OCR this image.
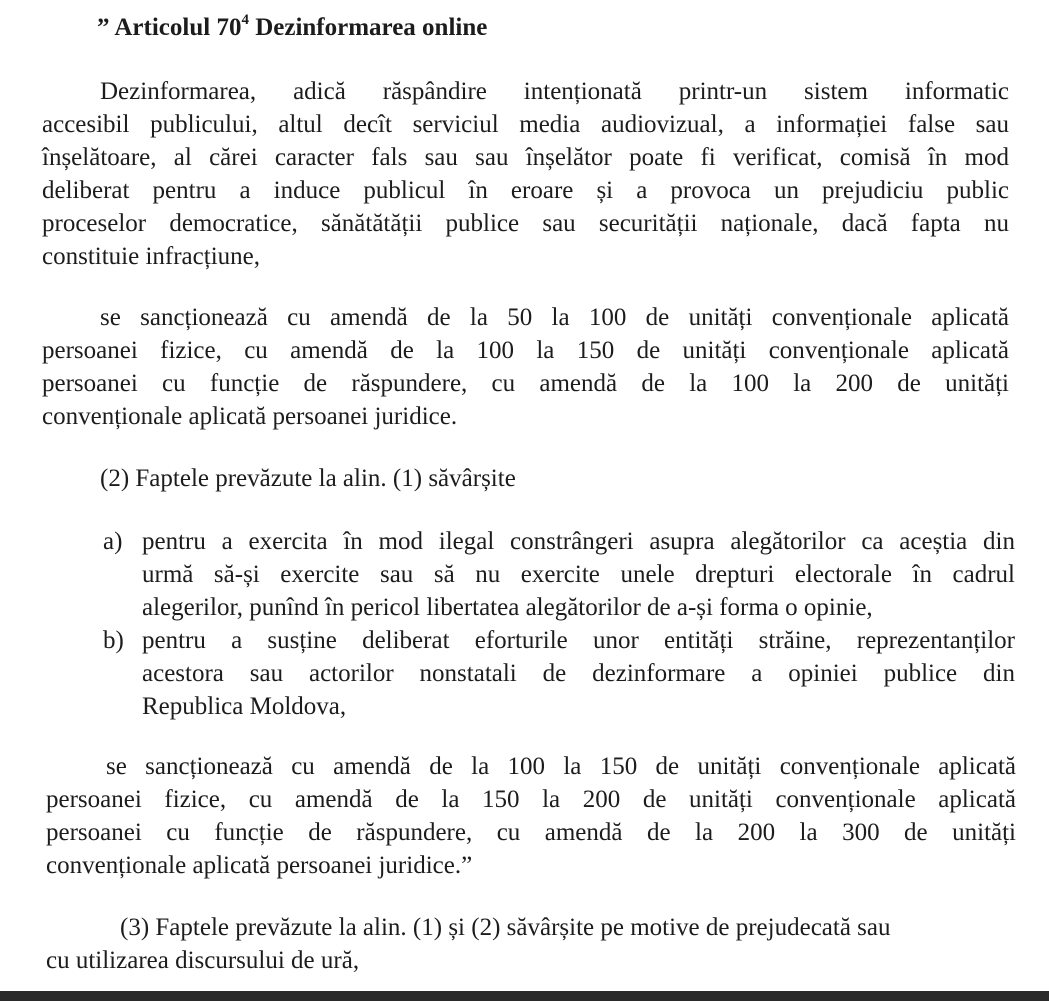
” Articolul $70^4$ Dezinformarea online
Dezinformarea, adică răspândire intenționată printr-un sistem informatic
accesibil publicului, altul decît serviciul media audiovizual, a informației false sau
înșelătoare, al cărei caracter fals sau sau înșelător poate fi verificat, comisă în mod
deliberat pentru a induce publicul în eroare și a provoca un prejudiciu public
proceselor democratice, sănătătății publice sau securității naționale, dacă fapta nu
constituie infracțiune,
se sancționează cu amendă de la 50 la 100 de unități convenționale aplicată
persoanei fizice, cu amendă de la 100 la 150 de unități convenționale aplicată
persoanei cu funcție de răspundere, cu amendă de la 100 la 200 de unități
convenționale aplicată persoanei juridice.
(2) Faptele prevăzute la alin. (1) săvârșite
a) pentru a exercita în mod ilegal constrângeri asupra alegătorilor ca aceștia din
urmă să-și exercite sau să nu exercite unele drepturi electorale în cadrul
alegerilor, punînd în pericol libertatea alegătorilor de a-și forma o opinie,
b) pentru a susține deliberat eforturile unor entități străine, reprezentanților
acestora sau actorilor nonstatali de dezinformare a opiniei publice din
Republica Moldova,
se sancționează cu amendă de la 100 la 150 de unități convenționale aplicată
persoanei fizice, cu amendă de la 150 la 200 de unități convenționale aplicată
persoanei cu funcție de răspundere, cu amendă de la 200 la 300 de unități
convenționale aplicată persoanei juridice.”
(3) Faptele prevăzute la alin. (1) și (2) săvârșite pe motive de prejudecată sau
cu utilizarea discursului de ură,
